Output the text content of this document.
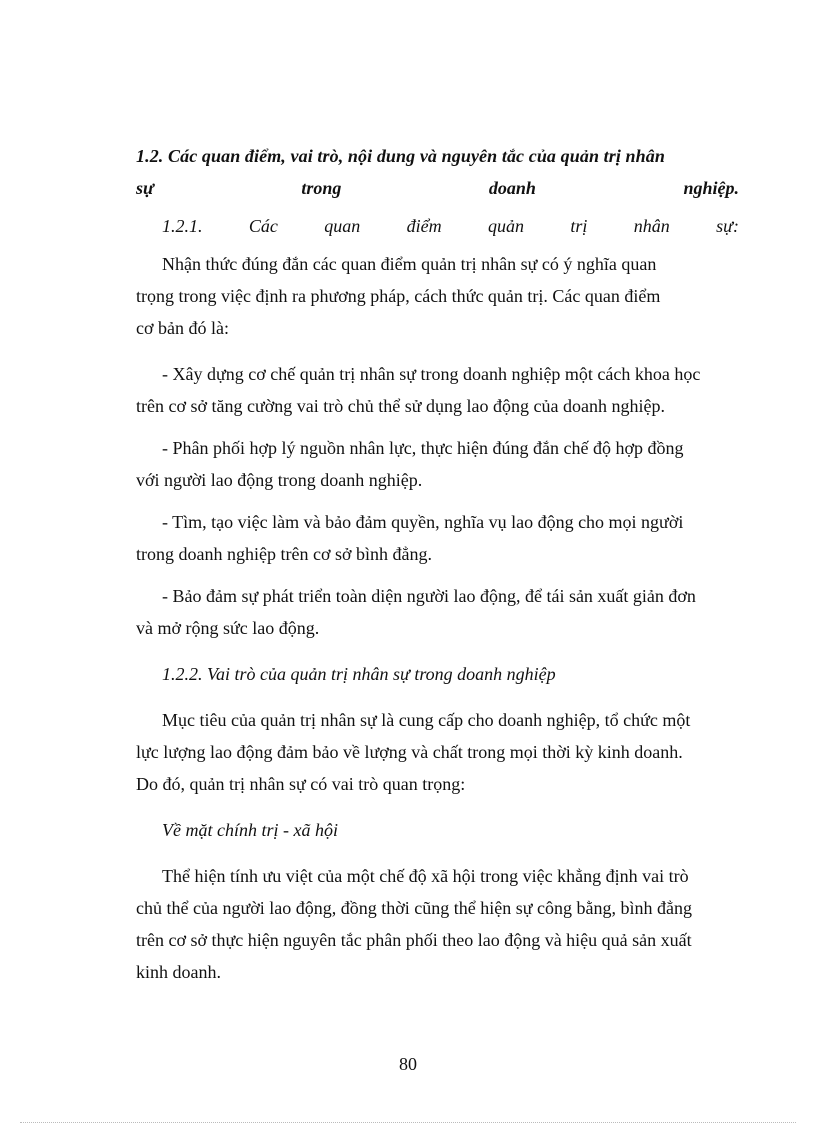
1.2. Các quan điểm, vai trò, nội dung và nguyên tắc của quản trị nhân

sự	trong	doanh	nghiệp.

1.2.1.	Các	quan	điểm	quản	trị	nhân	sự:

Nhận thức đúng đắn các quan điểm quản trị nhân sự có ý nghĩa quan

trọng trong việc định ra phương pháp, cách thức quản trị. Các quan điểm

cơ bản đó là:

- Xây dựng cơ chế quản trị nhân sự trong doanh nghiệp một cách khoa học

trên cơ sở tăng cường vai trò chủ thể sử dụng lao động của doanh nghiệp.

- Phân phối hợp lý nguồn nhân lực, thực hiện đúng đắn chế độ hợp đồng

với người lao động trong doanh nghiệp.

- Tìm, tạo việc làm và bảo đảm quyền, nghĩa vụ lao động cho mọi người

trong doanh nghiệp trên cơ sở bình đẳng.

- Bảo đảm sự phát triển toàn diện người lao động, để tái sản xuất giản đơn

và mở rộng sức lao động.

1.2.2. Vai trò của quản trị nhân sự trong doanh nghiệp

Mục tiêu của quản trị nhân sự là cung cấp cho doanh nghiệp, tổ chức một

lực lượng lao động đảm bảo về lượng và chất trong mọi thời kỳ kinh doanh.

Do đó, quản trị nhân sự có vai trò quan trọng:

Về mặt chính trị - xã hội

Thể hiện tính ưu việt của một chế độ xã hội trong việc khẳng định vai trò

chủ thể của người lao động, đồng thời cũng thể hiện sự công bằng, bình đẳng

trên cơ sở thực hiện nguyên tắc phân phối theo lao động và hiệu quả sản xuất

kinh doanh.

80
